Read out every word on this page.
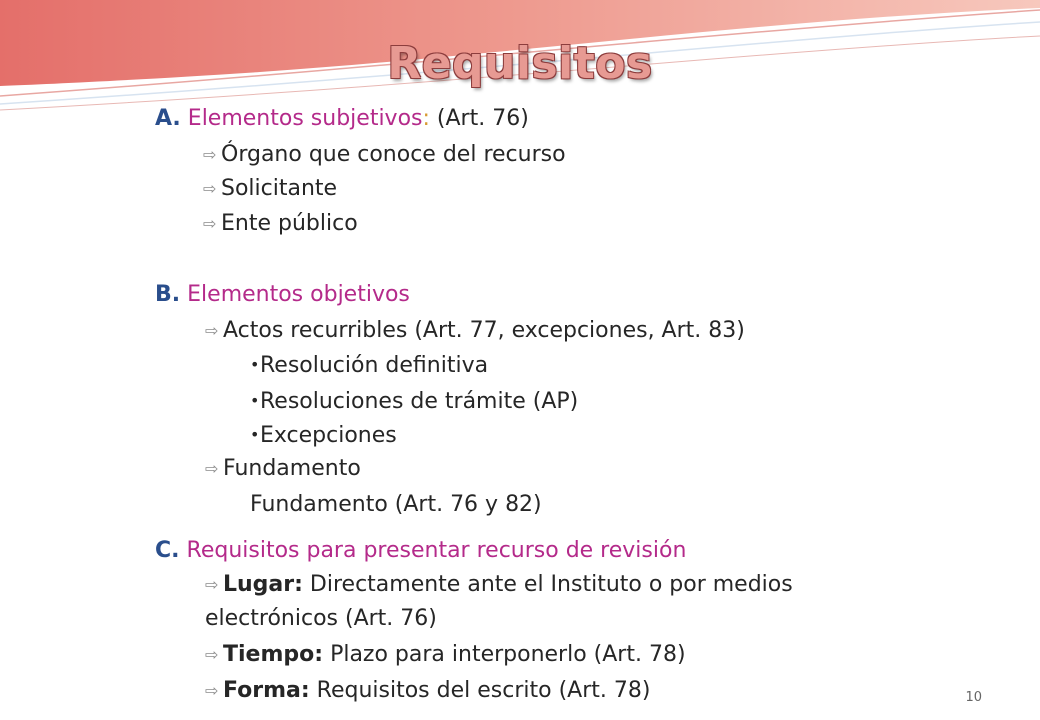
Requisitos
A. Elementos subjetivos: (Art. 76)
⇨ Órgano que conoce del recurso
⇨ Solicitante
⇨ Ente público
B. Elementos objetivos
⇨ Actos recurribles (Art. 77, excepciones, Art. 83)
•Resolución definitiva
•Resoluciones de trámite (AP)
•Excepciones
⇨ Fundamento
Fundamento (Art. 76 y 82)
C. Requisitos para presentar recurso de revisión
⇨ Lugar: Directamente ante el Instituto o por medios
electrónicos (Art. 76)
⇨ Tiempo: Plazo para interponerlo (Art. 78)
⇨ Forma: Requisitos del escrito (Art. 78)	10
